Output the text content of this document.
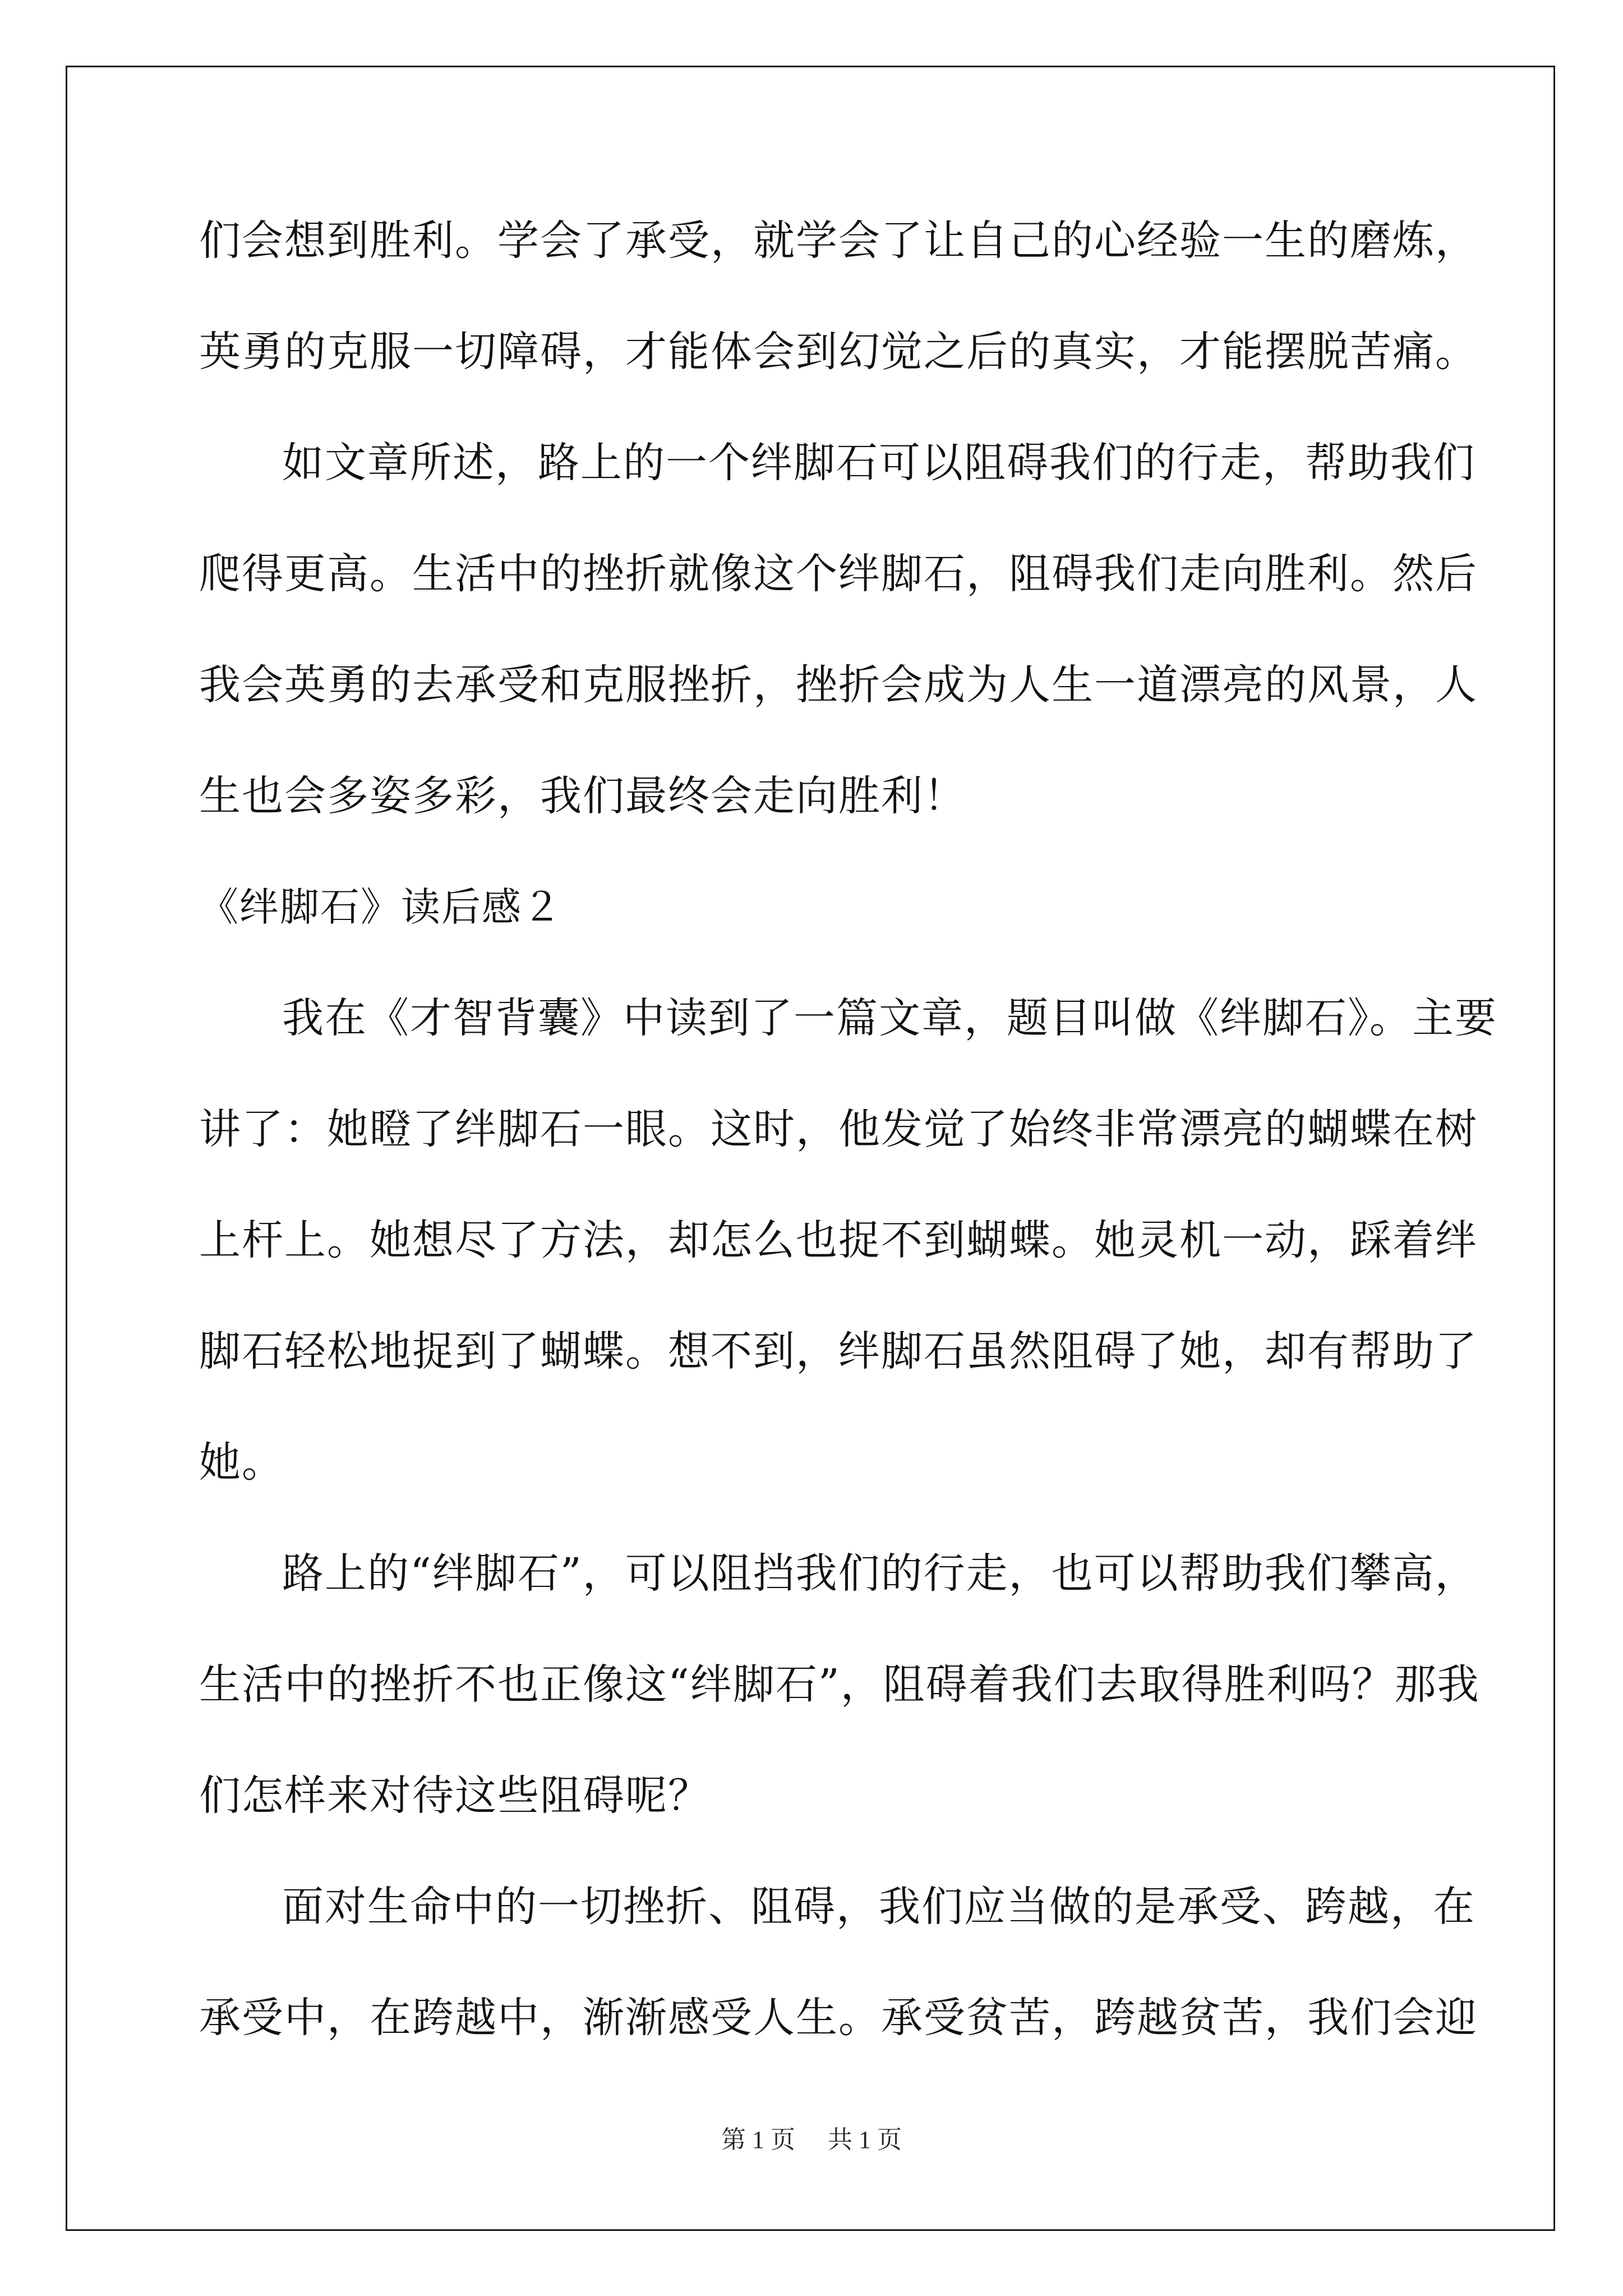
们会想到胜利。学会了承受，就学会了让自己的心经验一生的磨炼，
英勇的克服一切障碍，才能体会到幻觉之后的真实，才能摆脱苦痛。
如文章所述，路上的一个绊脚石可以阻碍我们的行走，帮助我们
爬得更高。生活中的挫折就像这个绊脚石，阻碍我们走向胜利。然后
我会英勇的去承受和克服挫折，挫折会成为人生一道漂亮的风景，人
生也会多姿多彩，我们最终会走向胜利！
《绊脚石》读后感２
我在《才智背囊》中读到了一篇文章，题目叫做《绊脚石》。主要
讲了：她瞪了绊脚石一眼。这时，他发觉了始终非常漂亮的蝴蝶在树
上杆上。她想尽了方法，却怎么也捉不到蝴蝶。她灵机一动，踩着绊
脚石轻松地捉到了蝴蝶。想不到，绊脚石虽然阻碍了她，却有帮助了
她。
路上的“绊脚石”，可以阻挡我们的行走，也可以帮助我们攀高，
生活中的挫折不也正像这“绊脚石”，阻碍着我们去取得胜利吗？那我
们怎样来对待这些阻碍呢？
面对生命中的一切挫折、阻碍，我们应当做的是承受、跨越，在
承受中，在跨越中，渐渐感受人生。承受贫苦，跨越贫苦，我们会迎
第 1 页 共 1 页
